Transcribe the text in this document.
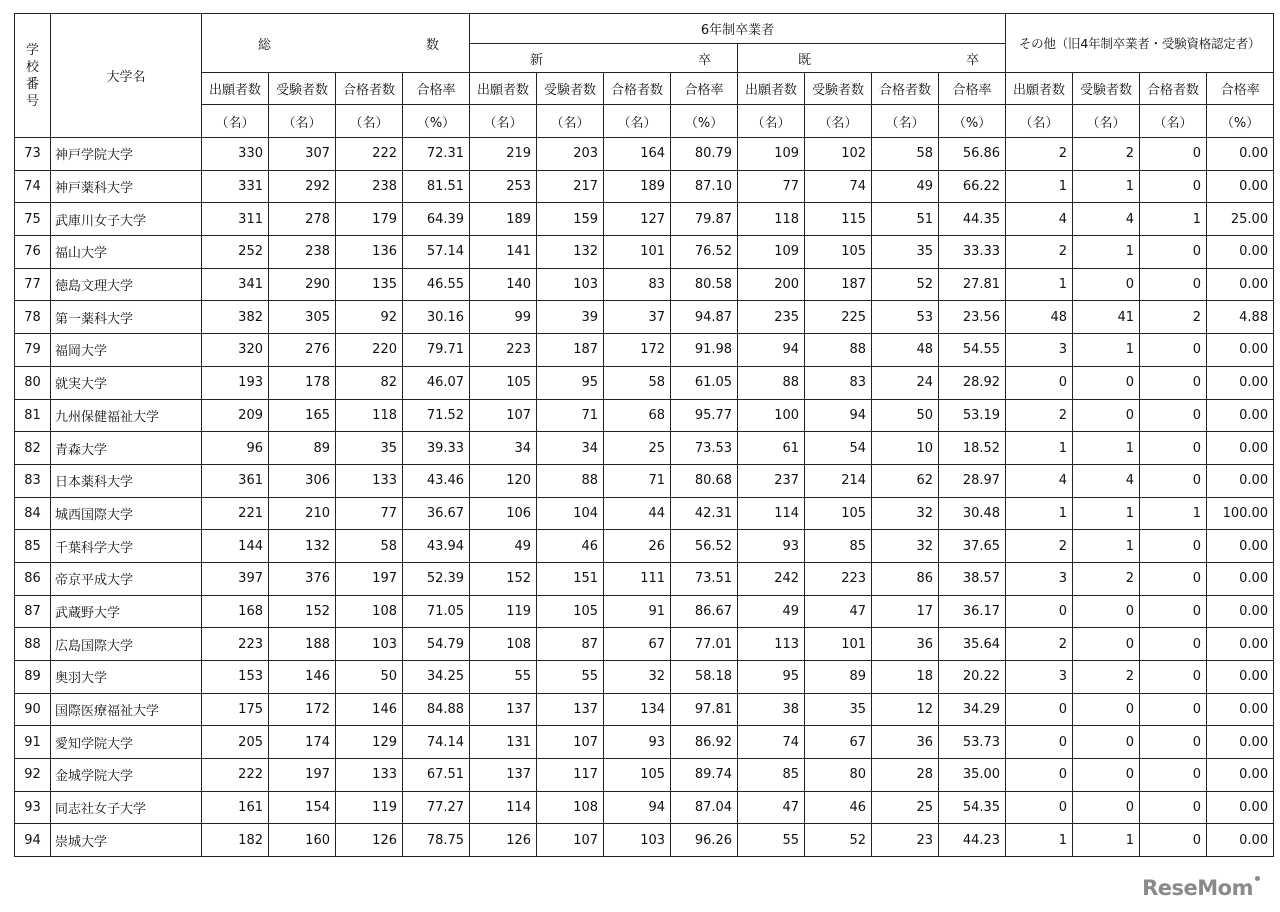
学校番号	大学名	総 数				6年制卒業者								その他（旧4年制卒業者・受験資格認定者）			

						新 卒				既 卒							

		出願者数	受験者数	合格者数	合格率	出願者数	受験者数	合格者数	合格率	出願者数	受験者数	合格者数	合格率	出願者数	受験者数	合格者数	合格率
		（名）	（名）	（名）	（%）	（名）	（名）	（名）	（%）	（名）	（名）	（名）	（%）	（名）	（名）	（名）	（%）
73	神戸学院大学	330	307	222	72.31	219	203	164	80.79	109	102	58	56.86	2	2	0	0.00
74	神戸薬科大学	331	292	238	81.51	253	217	189	87.10	77	74	49	66.22	1	1	0	0.00
75	武庫川女子大学	311	278	179	64.39	189	159	127	79.87	118	115	51	44.35	4	4	1	25.00
76	福山大学	252	238	136	57.14	141	132	101	76.52	109	105	35	33.33	2	1	0	0.00
77	徳島文理大学	341	290	135	46.55	140	103	83	80.58	200	187	52	27.81	1	0	0	0.00
78	第一薬科大学	382	305	92	30.16	99	39	37	94.87	235	225	53	23.56	48	41	2	4.88
79	福岡大学	320	276	220	79.71	223	187	172	91.98	94	88	48	54.55	3	1	0	0.00
80	就実大学	193	178	82	46.07	105	95	58	61.05	88	83	24	28.92	0	0	0	0.00
81	九州保健福祉大学	209	165	118	71.52	107	71	68	95.77	100	94	50	53.19	2	0	0	0.00
82	青森大学	96	89	35	39.33	34	34	25	73.53	61	54	10	18.52	1	1	0	0.00
83	日本薬科大学	361	306	133	43.46	120	88	71	80.68	237	214	62	28.97	4	4	0	0.00
84	城西国際大学	221	210	77	36.67	106	104	44	42.31	114	105	32	30.48	1	1	1	100.00
85	千葉科学大学	144	132	58	43.94	49	46	26	56.52	93	85	32	37.65	2	1	0	0.00
86	帝京平成大学	397	376	197	52.39	152	151	111	73.51	242	223	86	38.57	3	2	0	0.00
87	武蔵野大学	168	152	108	71.05	119	105	91	86.67	49	47	17	36.17	0	0	0	0.00
88	広島国際大学	223	188	103	54.79	108	87	67	77.01	113	101	36	35.64	2	0	0	0.00
89	奥羽大学	153	146	50	34.25	55	55	32	58.18	95	89	18	20.22	3	2	0	0.00
90	国際医療福祉大学	175	172	146	84.88	137	137	134	97.81	38	35	12	34.29	0	0	0	0.00
91	愛知学院大学	205	174	129	74.14	131	107	93	86.92	74	67	36	53.73	0	0	0	0.00
92	金城学院大学	222	197	133	67.51	137	117	105	89.74	85	80	28	35.00	0	0	0	0.00
93	同志社女子大学	161	154	119	77.27	114	108	94	87.04	47	46	25	54.35	0	0	0	0.00
94	崇城大学	182	160	126	78.75	126	107	103	96.26	55	52	23	44.23	1	1	0	0.00
ReseMom
